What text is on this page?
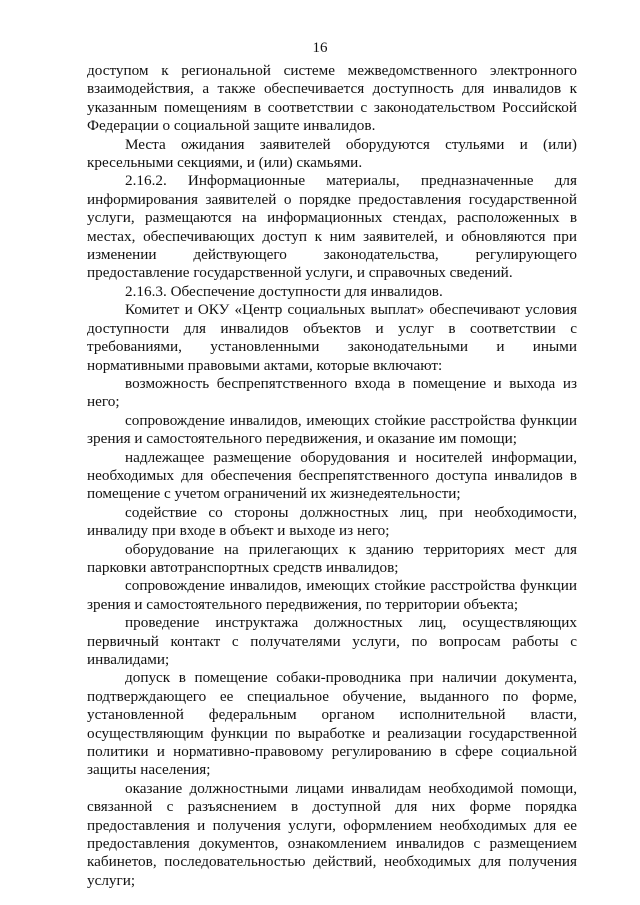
16

доступом к региональной системе межведомственного электронного взаимодействия, а также обеспечивается доступность для инвалидов к указанным помещениям в соответствии с законодательством Российской Федерации о социальной защите инвалидов.

Места ожидания заявителей оборудуются стульями и (или) кресельными секциями, и (или) скамьями.

2.16.2. Информационные материалы, предназначенные для информирования заявителей о порядке предоставления государственной услуги, размещаются на информационных стендах, расположенных в местах, обеспечивающих доступ к ним заявителей, и обновляются при изменении действующего законодательства, регулирующего предоставление государственной услуги, и справочных сведений.

2.16.3. Обеспечение доступности для инвалидов.

Комитет и ОКУ «Центр социальных выплат» обеспечивают условия доступности для инвалидов объектов и услуг в соответствии с требованиями, установленными законодательными и иными нормативными правовыми актами, которые включают:

возможность беспрепятственного входа в помещение и выхода из него;

сопровождение инвалидов, имеющих стойкие расстройства функции зрения и самостоятельного передвижения, и оказание им помощи;

надлежащее размещение оборудования и носителей информации, необходимых для обеспечения беспрепятственного доступа инвалидов в помещение с учетом ограничений их жизнедеятельности;

содействие со стороны должностных лиц, при необходимости, инвалиду при входе в объект и выходе из него;

оборудование на прилегающих к зданию территориях мест для парковки автотранспортных средств инвалидов;

сопровождение инвалидов, имеющих стойкие расстройства функции зрения и самостоятельного передвижения, по территории объекта;

проведение инструктажа должностных лиц, осуществляющих первичный контакт с получателями услуги, по вопросам работы с инвалидами;

допуск в помещение собаки-проводника при наличии документа, подтверждающего ее специальное обучение, выданного по форме, установленной федеральным органом исполнительной власти, осуществляющим функции по выработке и реализации государственной политики и нормативно-правовому регулированию в сфере социальной защиты населения;

оказание должностными лицами инвалидам необходимой помощи, связанной с разъяснением в доступной для них форме порядка предоставления и получения услуги, оформлением необходимых для ее предоставления документов, ознакомлением инвалидов с размещением кабинетов, последовательностью действий, необходимых для получения услуги;
